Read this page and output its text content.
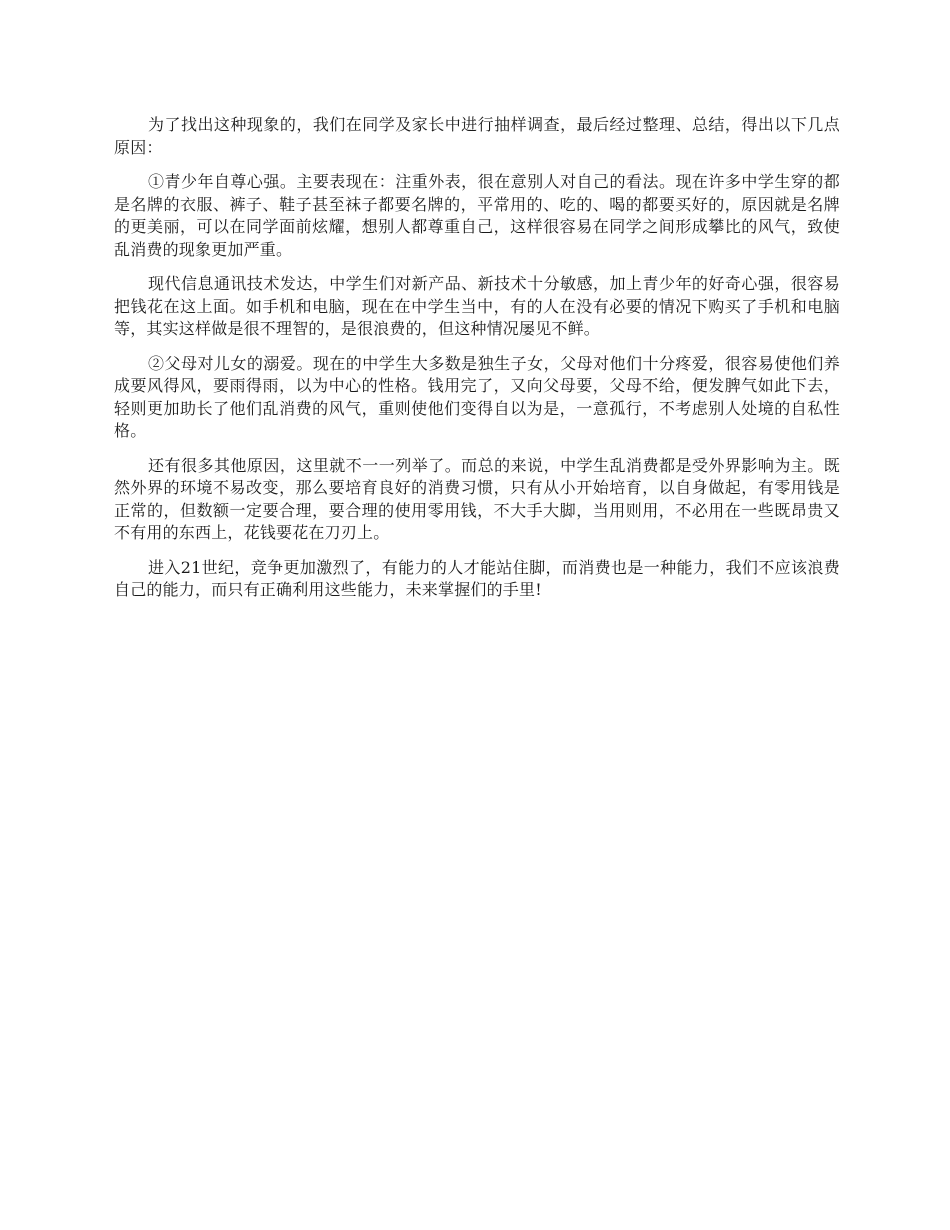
为了找出这种现象的，我们在同学及家长中进行抽样调查，最后经过整理、总结，得出以下几点原因：

①青少年自尊心强。主要表现在：注重外表，很在意别人对自己的看法。现在许多中学生穿的都是名牌的衣服、裤子、鞋子甚至袜子都要名牌的，平常用的、吃的、喝的都要买好的，原因就是名牌的更美丽，可以在同学面前炫耀，想别人都尊重自己，这样很容易在同学之间形成攀比的风气，致使乱消费的现象更加严重。

现代信息通讯技术发达，中学生们对新产品、新技术十分敏感，加上青少年的好奇心强，很容易把钱花在这上面。如手机和电脑，现在在中学生当中，有的人在没有必要的情况下购买了手机和电脑等，其实这样做是很不理智的，是很浪费的，但这种情况屡见不鲜。

②父母对儿女的溺爱。现在的中学生大多数是独生子女，父母对他们十分疼爱，很容易使他们养成要风得风，要雨得雨，以为中心的性格。钱用完了，又向父母要，父母不给，便发脾气如此下去，轻则更加助长了他们乱消费的风气，重则使他们变得自以为是，一意孤行，不考虑别人处境的自私性格。

还有很多其他原因，这里就不一一列举了。而总的来说，中学生乱消费都是受外界影响为主。既然外界的环境不易改变，那么要培育良好的消费习惯，只有从小开始培育，以自身做起，有零用钱是正常的，但数额一定要合理，要合理的使用零用钱，不大手大脚，当用则用，不必用在一些既昂贵又不有用的东西上，花钱要花在刀刃上。

进入21世纪，竞争更加激烈了，有能力的人才能站住脚，而消费也是一种能力，我们不应该浪费自己的能力，而只有正确利用这些能力，未来掌握们的手里!
